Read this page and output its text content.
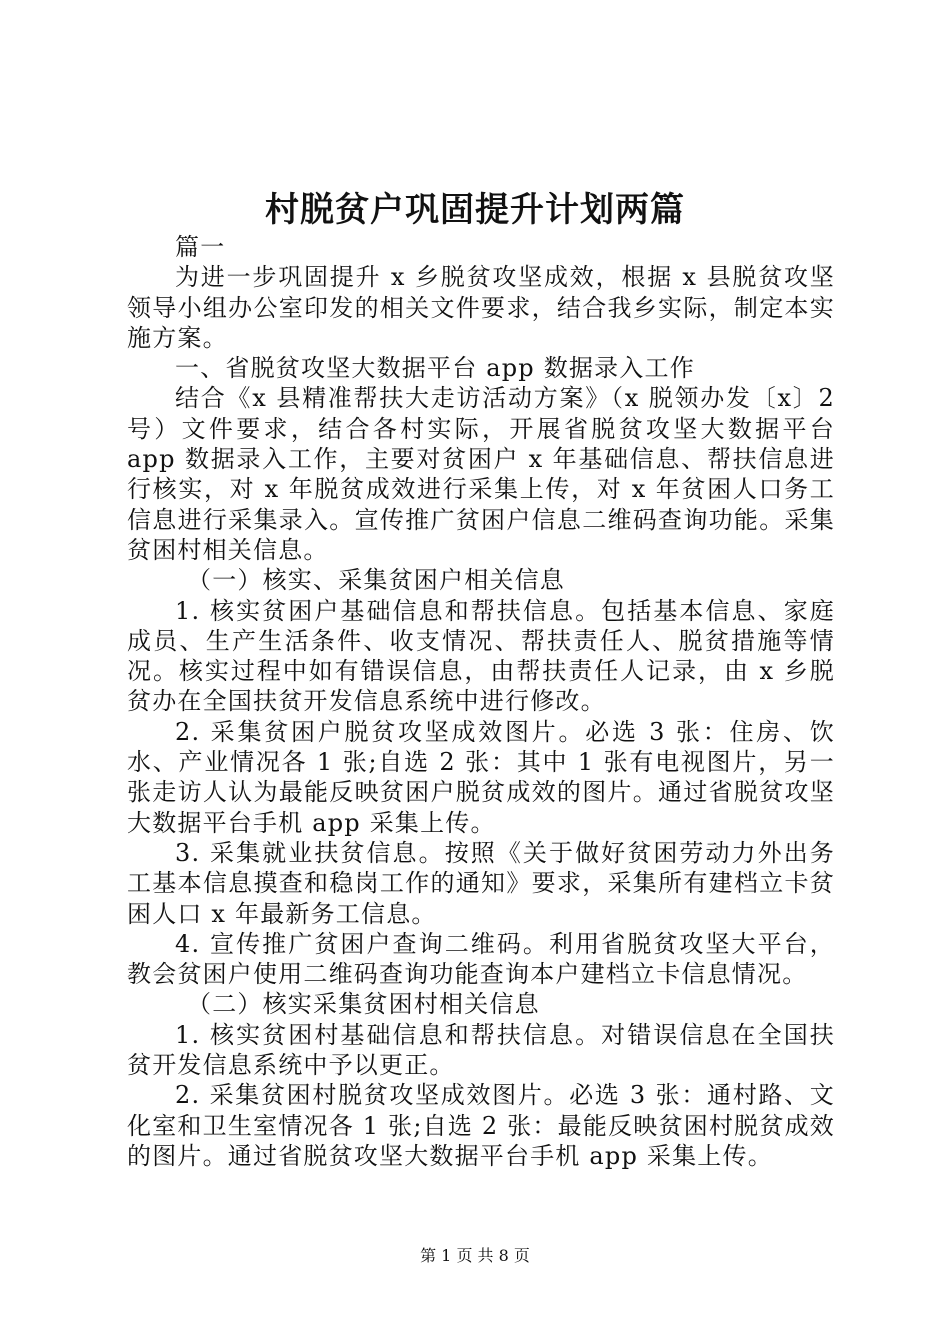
村脱贫户巩固提升计划两篇

篇一

为进一步巩固提升 x 乡脱贫攻坚成效，根据 x 县脱贫攻坚领导小组办公室印发的相关文件要求，结合我乡实际，制定本实施方案。

一、省脱贫攻坚大数据平台 app 数据录入工作

结合《x 县精准帮扶大走访活动方案》（x 脱领办发〔x〕2 号）文件要求，结合各村实际，开展省脱贫攻坚大数据平台 app 数据录入工作，主要对贫困户 x 年基础信息、帮扶信息进行核实，对 x 年脱贫成效进行采集上传，对 x 年贫困人口务工信息进行采集录入。宣传推广贫困户信息二维码查询功能。采集贫困村相关信息。

（一）核实、采集贫困户相关信息

1. 核实贫困户基础信息和帮扶信息。包括基本信息、家庭成员、生产生活条件、收支情况、帮扶责任人、脱贫措施等情况。核实过程中如有错误信息，由帮扶责任人记录，由 x 乡脱贫办在全国扶贫开发信息系统中进行修改。

2. 采集贫困户脱贫攻坚成效图片。必选 3 张：住房、饮水、产业情况各 1 张;自选 2 张：其中 1 张有电视图片，另一张走访人认为最能反映贫困户脱贫成效的图片。通过省脱贫攻坚大数据平台手机 app 采集上传。

3. 采集就业扶贫信息。按照《关于做好贫困劳动力外出务工基本信息摸查和稳岗工作的通知》要求，采集所有建档立卡贫困人口 x 年最新务工信息。

4. 宣传推广贫困户查询二维码。利用省脱贫攻坚大平台，教会贫困户使用二维码查询功能查询本户建档立卡信息情况。

（二）核实采集贫困村相关信息

1. 核实贫困村基础信息和帮扶信息。对错误信息在全国扶贫开发信息系统中予以更正。

2. 采集贫困村脱贫攻坚成效图片。必选 3 张：通村路、文化室和卫生室情况各 1 张;自选 2 张：最能反映贫困村脱贫成效的图片。通过省脱贫攻坚大数据平台手机 app 采集上传。

第 1 页 共 8 页
